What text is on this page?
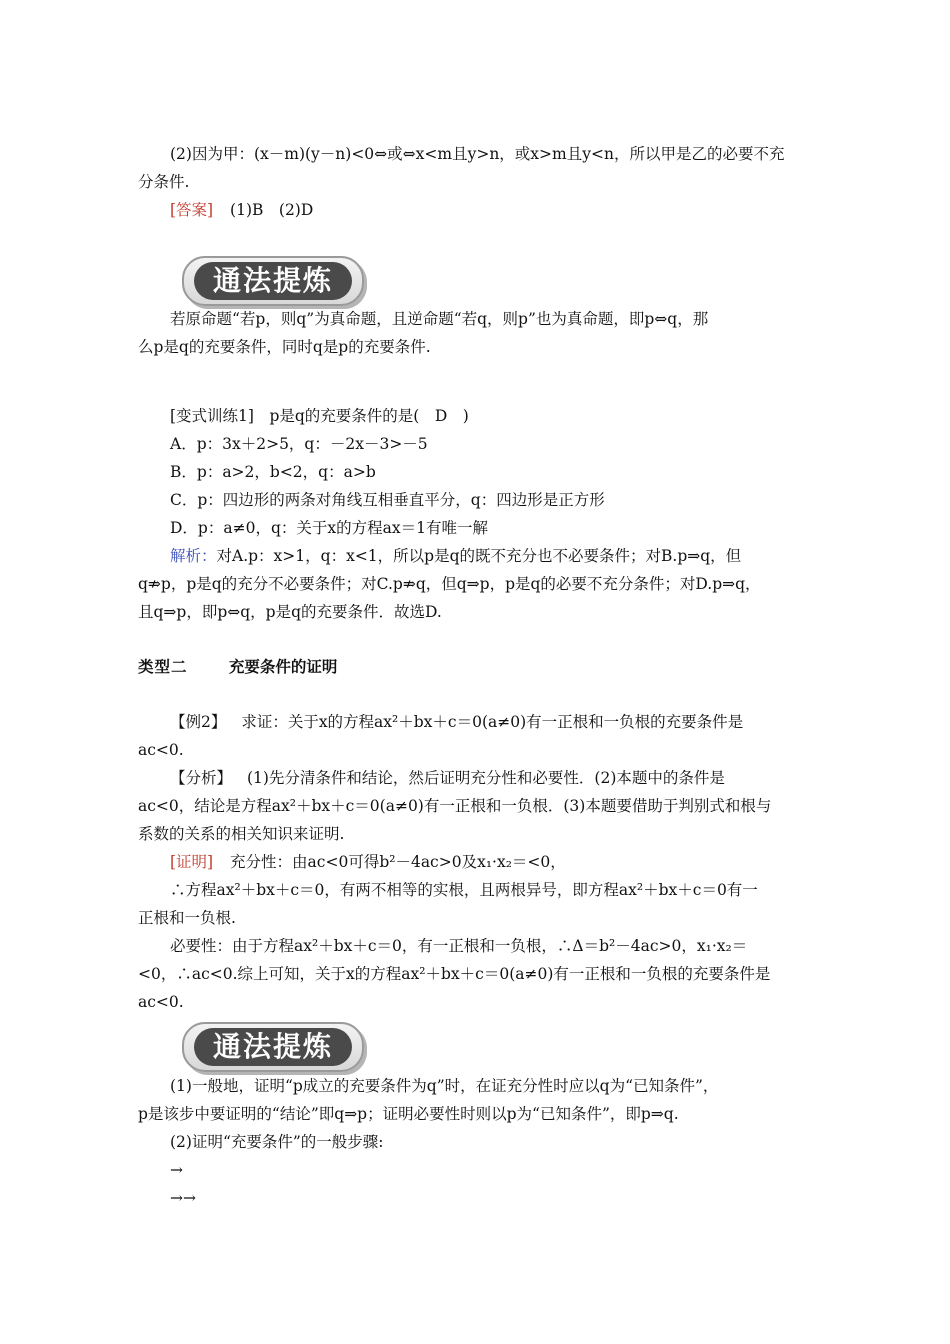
(2)因为甲：(x－m)(y－n)<0⇔或⇔x<m且y>n，或x>m且y<n，所以甲是乙的必要不充
分条件.
[答案] (1)B　(2)D
通法提炼
若原命题“若p，则q”为真命题，且逆命题“若q，则p”也为真命题，即p⇔q，那
么p是q的充要条件，同时q是p的充要条件.
[变式训练1]　p是q的充要条件的是(　D　)
A．p：3x＋2>5，q：－2x－3>－5
B．p：a>2，b<2，q：a>b
C．p：四边形的两条对角线互相垂直平分，q：四边形是正方形
D．p：a≠0，q：关于x的方程ax＝1有唯一解
解析：对A.p：x>1，q：x<1，所以p是q的既不充分也不必要条件；对B.p⇒q，但
q⇏p，p是q的充分不必要条件；对C.p⇏q，但q⇒p，p是q的必要不充分条件；对D.p⇒q，
且q⇒p，即p⇔q，p是q的充要条件．故选D.
类型二	充要条件的证明
【例2】 求证：关于x的方程ax²＋bx＋c＝0(a≠0)有一正根和一负根的充要条件是
ac<0.
【分析】 (1)先分清条件和结论，然后证明充分性和必要性．(2)本题中的条件是
ac<0，结论是方程ax²＋bx＋c＝0(a≠0)有一正根和一负根．(3)本题要借助于判别式和根与
系数的关系的相关知识来证明.
[证明] 充分性：由ac<0可得b²－4ac>0及x₁·x₂＝<0，
∴方程ax²＋bx＋c＝0，有两不相等的实根，且两根异号，即方程ax²＋bx＋c＝0有一
正根和一负根.
必要性：由于方程ax²＋bx＋c＝0，有一正根和一负根，∴Δ＝b²－4ac>0，x₁·x₂＝
<0，∴ac<0.综上可知，关于x的方程ax²＋bx＋c＝0(a≠0)有一正根和一负根的充要条件是
ac<0.
通法提炼
(1)一般地，证明“p成立的充要条件为q”时，在证充分性时应以q为“已知条件”，
p是该步中要证明的“结论”即q⇒p；证明必要性时则以p为“已知条件”，即p⇒q.
(2)证明“充要条件”的一般步骤:
→
→→
